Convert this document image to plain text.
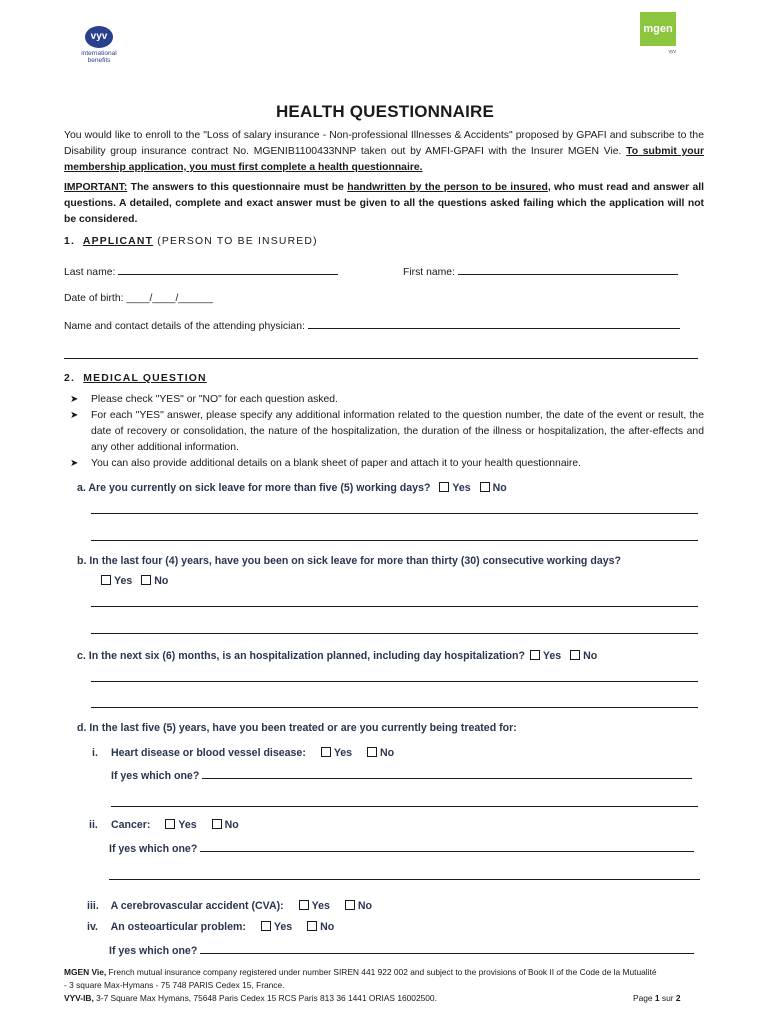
vyv
international benefits
mgen
vyv
HEALTH QUESTIONNAIRE
You would like to enroll to the "Loss of salary insurance - Non-professional Illnesses & Accidents" proposed by GPAFI and subscribe to the Disability group insurance contract No. MGENIB1100433NNP taken out by AMFI-GPAFI with the Insurer MGEN Vie. To submit your membership application, you must first complete a health questionnaire.
IMPORTANT: The answers to this questionnaire must be handwritten by the person to be insured, who must read and answer all questions. A detailed, complete and exact answer must be given to all the questions asked failing which the application will not be considered.
1. APPLICANT (PERSON TO BE INSURED)
Last name:	First name:
Date of birth: ____/____/______
Name and contact details of the attending physician:
2. MEDICAL QUESTION
➤ Please check "YES" or "NO" for each question asked.
➤ For each "YES" answer, please specify any additional information related to the question number, the date of the event or result, the date of recovery or consolidation, the nature of the hospitalization, the duration of the illness or hospitalization, the after-effects and any other additional information.
➤ You can also provide additional details on a blank sheet of paper and attach it to your health questionnaire.
a. Are you currently on sick leave for more than five (5) working days? Yes No
b. In the last four (4) years, have you been on sick leave for more than thirty (30) consecutive working days?
Yes No
c. In the next six (6) months, is an hospitalization planned, including day hospitalization? Yes No
d. In the last five (5) years, have you been treated or are you currently being treated for:
i. Heart disease or blood vessel disease:	Yes	No
If yes which one?
ii. Cancer:	Yes	No
If yes which one?
iii. A cerebrovascular accident (CVA):	Yes	No
iv. An osteoarticular problem:	Yes	No
If yes which one?
MGEN Vie, French mutual insurance company registered under number SIREN 441 922 002 and subject to the provisions of Book II of the Code de la Mutualité
- 3 square Max-Hymans - 75 748 PARIS Cedex 15, France.
VYV-IB, 3-7 Square Max Hymans, 75648 Paris Cedex 15 RCS Paris 813 36 1441 ORIAS 16002500.	Page 1 sur 2
